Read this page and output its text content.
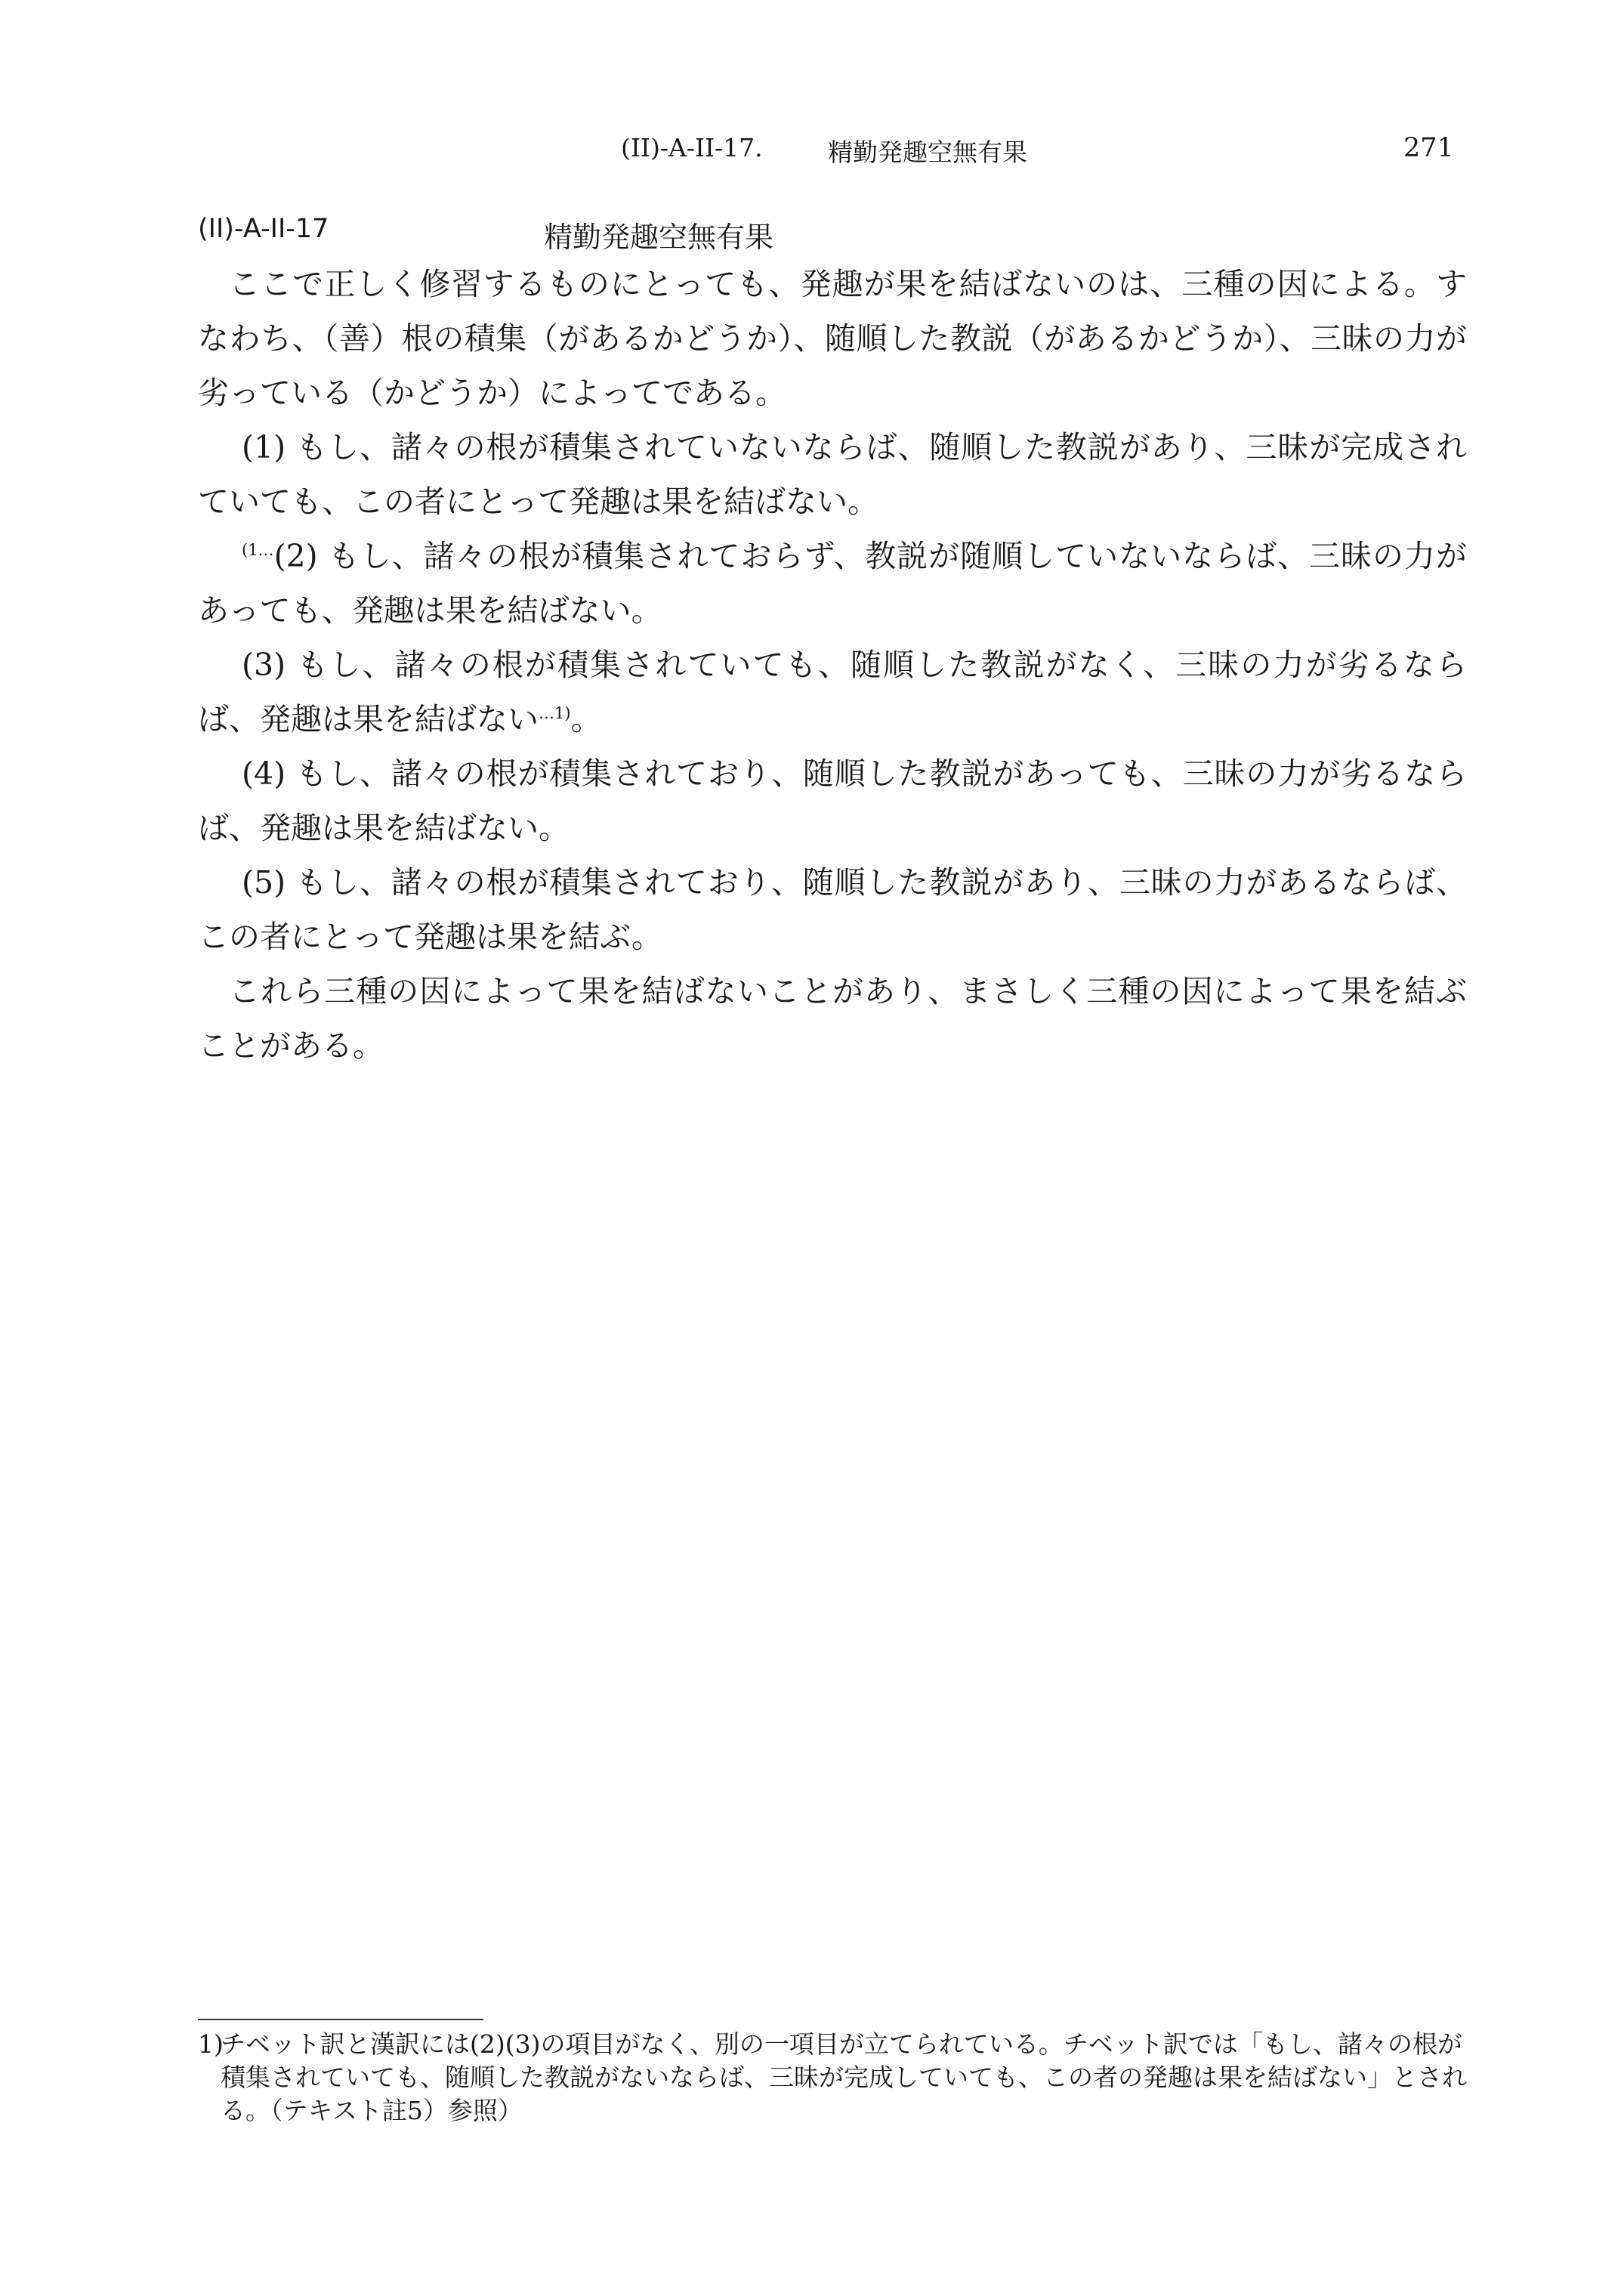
(II)-A-II-17.	精勤発趣空無有果	271
(II)-A-II-17	精勤発趣空無有果

ここで正しく修習するものにとっても、発趣が果を結ばないのは、三種の因による。すなわち、（善）根の積集（があるかどうか）、随順した教説（があるかどうか）、三昧の力が劣っている（かどうか）によってである。

(1) もし、諸々の根が積集されていないならば、随順した教説があり、三昧が完成されていても、この者にとって発趣は果を結ばない。

$^{(1\dots}$(2) もし、諸々の根が積集されておらず、教説が随順していないならば、三昧の力があっても、発趣は果を結ばない。

(3) もし、諸々の根が積集されていても、随順した教説がなく、三昧の力が劣るならば、発趣は果を結ばない$^{\dots 1)}$。

(4) もし、諸々の根が積集されており、随順した教説があっても、三昧の力が劣るならば、発趣は果を結ばない。

(5) もし、諸々の根が積集されており、随順した教説があり、三昧の力があるならば、この者にとって発趣は果を結ぶ。

これら三種の因によって果を結ばないことがあり、まさしく三種の因によって果を結ぶことがある。

1)
チベット訳と漢訳には(2)(3)の項目がなく、別の一項目が立てられている。チベット訳では「もし、諸々の根が積集されていても、随順した教説がないならば、三昧が完成していても、この者の発趣は果を結ばない」とされる。（テキスト註5）参照）
